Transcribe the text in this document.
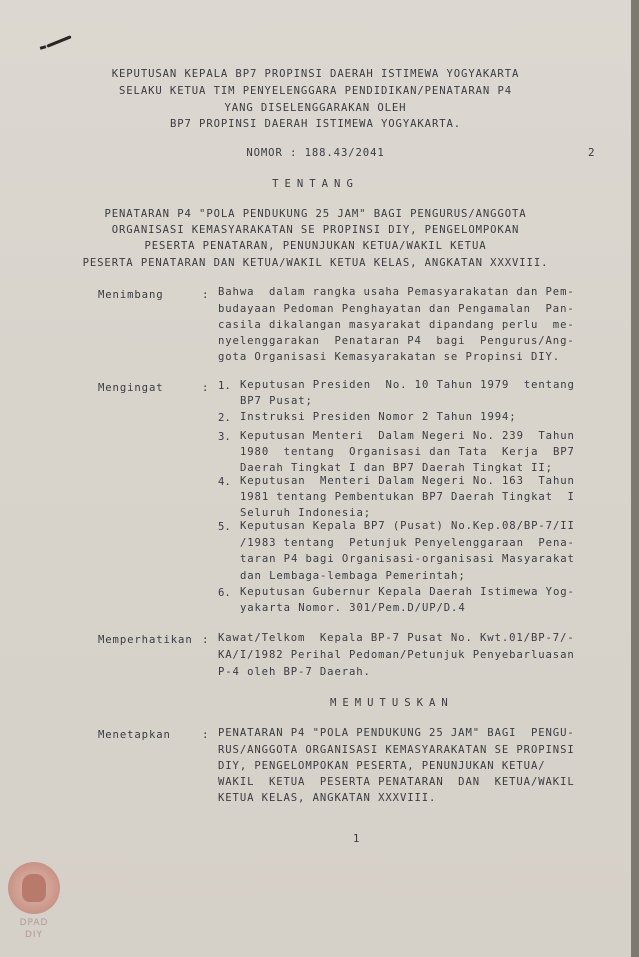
KEPUTUSAN KEPALA BP7 PROPINSI DAERAH ISTIMEWA YOGYAKARTA
SELAKU KETUA TIM PENYELENGGARA PENDIDIKAN/PENATARAN P4
YANG DISELENGGARAKAN OLEH
BP7 PROPINSI DAERAH ISTIMEWA YOGYAKARTA.
NOMOR : 188.43/2041	2
TENTANG
PENATARAN P4 "POLA PENDUKUNG 25 JAM" BAGI PENGURUS/ANGGOTA
ORGANISASI KEMASYARAKATAN SE PROPINSI DIY, PENGELOMPOKAN
PESERTA PENATARAN, PENUNJUKAN KETUA/WAKIL KETUA
PESERTA PENATARAN DAN KETUA/WAKIL KETUA KELAS, ANGKATAN XXXVIII.
Menimbang	: Bahwa  dalam rangka usaha Pemasyarakatan dan Pem-
budayaan Pedoman Penghayatan dan Pengamalan  Pan-
casila dikalangan masyarakat dipandang perlu  me-
nyelenggarakan  Penataran P4  bagi  Pengurus/Ang-
gota Organisasi Kemasyarakatan se Propinsi DIY.
Mengingat	: 1. Keputusan Presiden  No. 10 Tahun 1979  tentang
BP7 Pusat;
2. Instruksi Presiden Nomor 2 Tahun 1994;
3. Keputusan Menteri  Dalam Negeri No. 239  Tahun
1980  tentang  Organisasi dan Tata  Kerja  BP7
Daerah Tingkat I dan BP7 Daerah Tingkat II;
4. Keputusan  Menteri Dalam Negeri No. 163  Tahun
1981 tentang Pembentukan BP7 Daerah Tingkat  I
Seluruh Indonesia;
5. Keputusan Kepala BP7 (Pusat) No.Kep.08/BP-7/II
/1983 tentang  Petunjuk Penyelenggaraan  Pena-
taran P4 bagi Organisasi-organisasi Masyarakat
dan Lembaga-lembaga Pemerintah;
6. Keputusan Gubernur Kepala Daerah Istimewa Yog-
yakarta Nomor. 301/Pem.D/UP/D.4
Memperhatikan : Kawat/Telkom  Kepala BP-7 Pusat No. Kwt.01/BP-7/-
KA/I/1982 Perihal Pedoman/Petunjuk Penyebarluasan
P-4 oleh BP-7 Daerah.
MEMUTUSKAN
Menetapkan	: PENATARAN P4 "POLA PENDUKUNG 25 JAM" BAGI  PENGU-
RUS/ANGGOTA ORGANISASI KEMASYARAKATAN SE PROPINSI
DIY, PENGELOMPOKAN PESERTA, PENUNJUKAN KETUA/
WAKIL  KETUA  PESERTA PENATARAN  DAN  KETUA/WAKIL
KETUA KELAS, ANGKATAN XXXVIII.
1
DPAD
DIY
